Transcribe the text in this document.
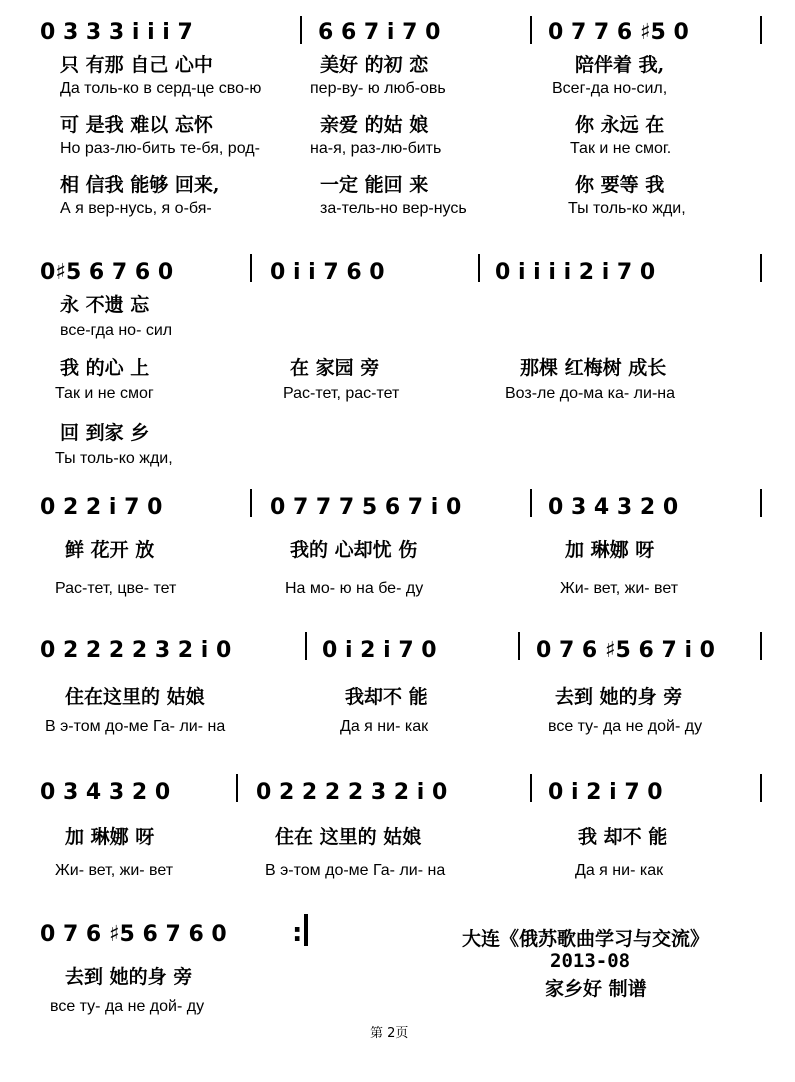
0 3 3 3 i i i 7	6 6 7 i 7 0	0 7 7 6 ♯5 0
只 有那 自己 心中	美好 的初 恋	陪伴着 我,
Да толь-ко в серд-це сво-ю	пер-ву- ю люб-овь	Всег-да но-сил,
可 是我 难以 忘怀	亲爱 的姑 娘	你 永远 在
Но раз-лю-бить те-бя, род-	на-я, раз-лю-бить	Так и не смог.
相 信我 能够 回来,	一定 能回 来	你 要等 我
А я вер-нусь, я о-бя-	за-тель-но вер-нусь	Ты толь-ко жди,
0♯5 6 7 6 0	0 i i 7 6 0	0 i i i i 2 i 7 0
永 不遗 忘
все-гда но- сил
我 的心 上	在 家园 旁	那棵 红梅树 成长
Так и не смог	Рас-тет, рас-тет	Воз-ле до-ма ка- ли-на
回 到家 乡
Ты толь-ко жди,
0 2 2 i 7 0	0 7 7 7 5 6 7 i 0	0 3 4 3 2 0
鲜 花开 放	我的 心却忧 伤	加 琳娜 呀
Рас-тет, цве- тет	На мо- ю на бе- ду	Жи- вет, жи- вет
0 2 2 2 2 3 2 i 0	0 i 2 i 7 0	0 7 6 ♯5 6 7 i 0
住在这里的 姑娘	我却不 能	去到 她的身 旁
В э-том до-ме Га- ли- на	Да я ни- как	все ту- да не дой- ду
0 3 4 3 2 0	0 2 2 2 2 3 2 i 0	0 i 2 i 7 0
加 琳娜 呀	住在 这里的 姑娘	我 却不 能
Жи- вет, жи- вет	В э-том до-ме Га- ли- на	Да я ни- как
0 7 6 ♯5 6 7 6 0	:
去到 她的身 旁
все ту- да не дой- ду
大连《俄苏歌曲学习与交流》
2013-08
家乡好 制谱
第 2页
